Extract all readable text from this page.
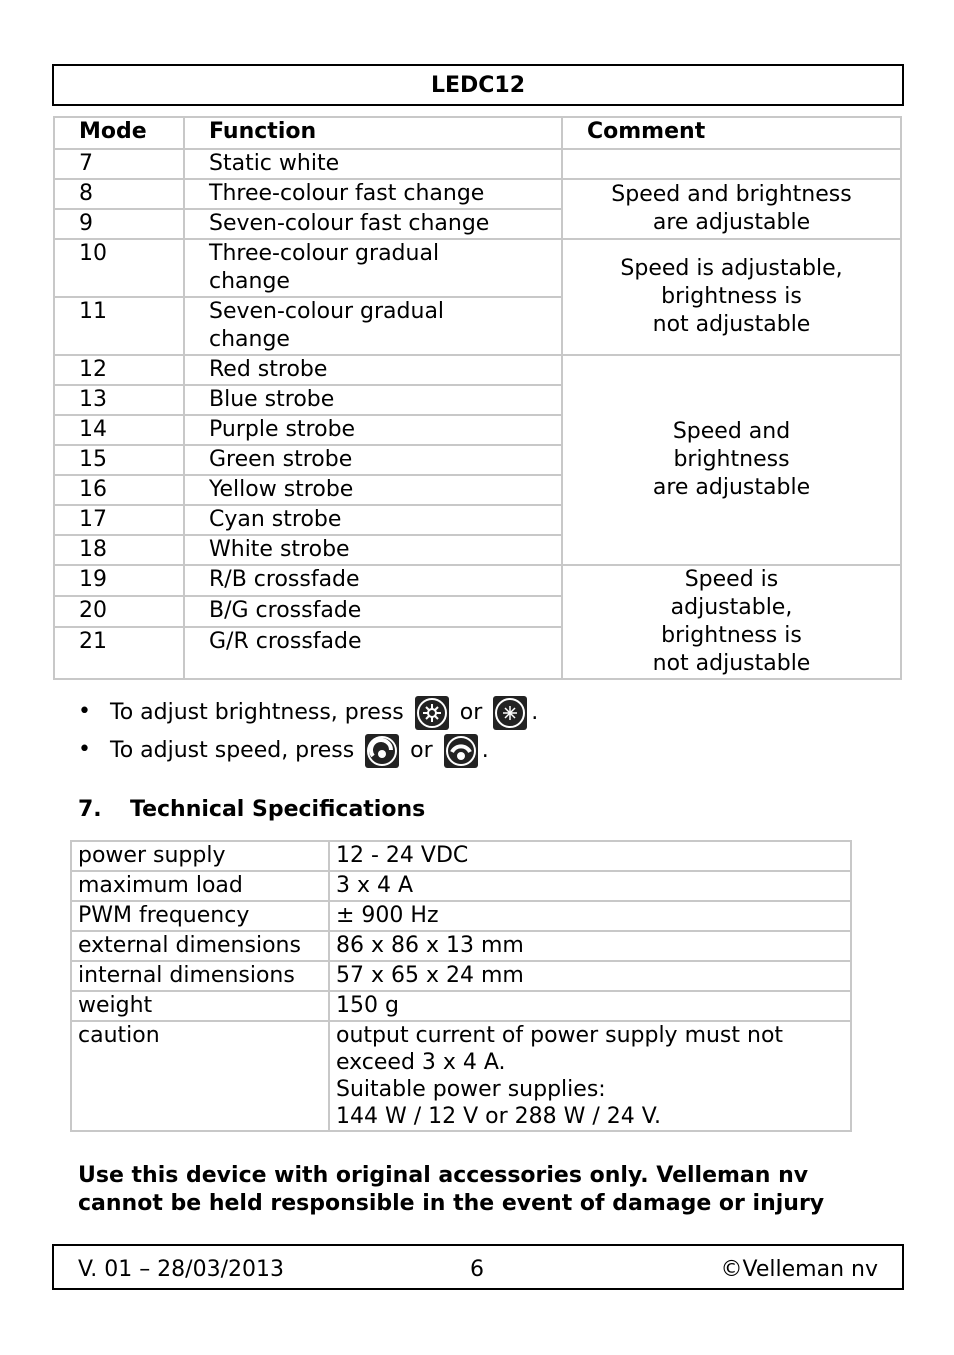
LEDC12
Mode	Function	Comment
7	Static white	
8	Three-colour fast change	Speed and brightness
are adjustable

9	Seven-colour fast change	
10	Three-colour gradual change	Speed is adjustable,
brightness is
not adjustable

11	Seven-colour gradual change	
12	Red strobe	Speed and
brightness
are adjustable

13	Blue strobe	
14	Purple strobe	
15	Green strobe	
16	Yellow strobe	
17	Cyan strobe	
18	White strobe	
19	R/B crossfade	Speed is
adjustable,
brightness is
not adjustable

20	B/G crossfade	
21	G/R crossfade	
• To adjust brightness, press	or .
• To adjust speed, press	or .
7. Technical Specifications
power supply	12 - 24 VDC
maximum load	3 x 4 A
PWM frequency	± 900 Hz
external dimensions	86 x 86 x 13 mm
internal dimensions	57 x 65 x 24 mm
weight	150 g
caution	output current of power supply must not
exceed 3 x 4 A.
Suitable power supplies:
144 W / 12 V or 288 W / 24 V.
Use this device with original accessories only. Velleman nv
cannot be held responsible in the event of damage or injury
V. 01 – 28/03/2013	6	©Velleman nv
